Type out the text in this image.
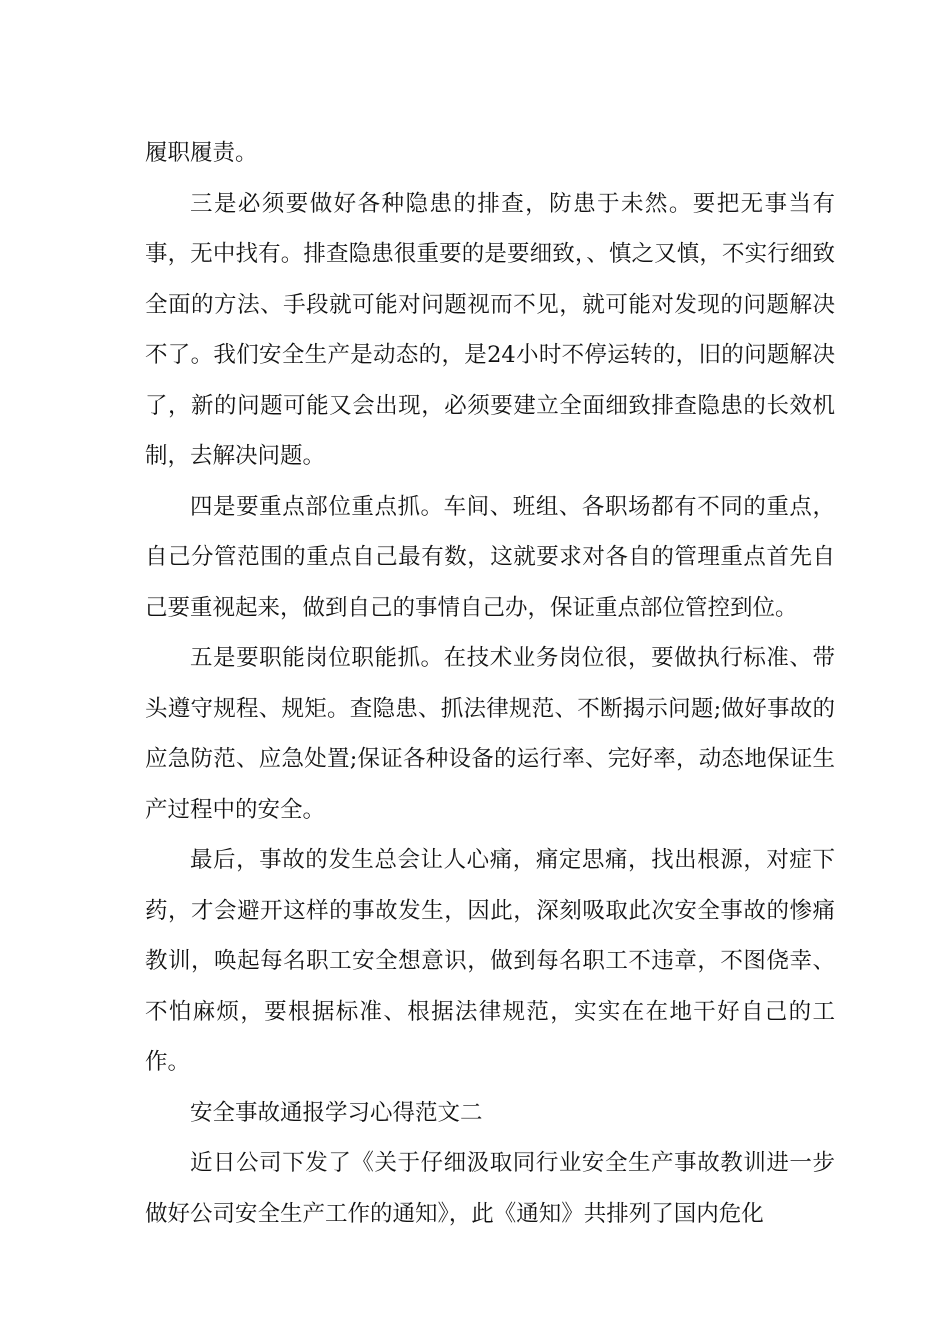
履职履责。

三是必须要做好各种隐患的排查，防患于未然。要把无事当有事，无中找有。排查隐患很重要的是要细致，、慎之又慎，不实行细致全面的方法、手段就可能对问题视而不见，就可能对发现的问题解决不了。我们安全生产是动态的，是24小时不停运转的，旧的问题解决了，新的问题可能又会出现，必须要建立全面细致排查隐患的长效机制，去解决问题。

四是要重点部位重点抓。车间、班组、各职场都有不同的重点，自己分管范围的重点自己最有数，这就要求对各自的管理重点首先自己要重视起来，做到自己的事情自己办，保证重点部位管控到位。

五是要职能岗位职能抓。在技术业务岗位很，要做执行标准、带头遵守规程、规矩。查隐患、抓法律规范、不断揭示问题;做好事故的应急防范、应急处置;保证各种设备的运行率、完好率，动态地保证生产过程中的安全。

最后，事故的发生总会让人心痛，痛定思痛，找出根源，对症下药，才会避开这样的事故发生，因此，深刻吸取此次安全事故的惨痛教训，唤起每名职工安全想意识，做到每名职工不违章，不图侥幸、不怕麻烦，要根据标准、根据法律规范，实实在在地干好自己的工作。

安全事故通报学习心得范文二

近日公司下发了《关于仔细汲取同行业安全生产事故教训进一步做好公司安全生产工作的通知》，此《通知》共排列了国内危化
